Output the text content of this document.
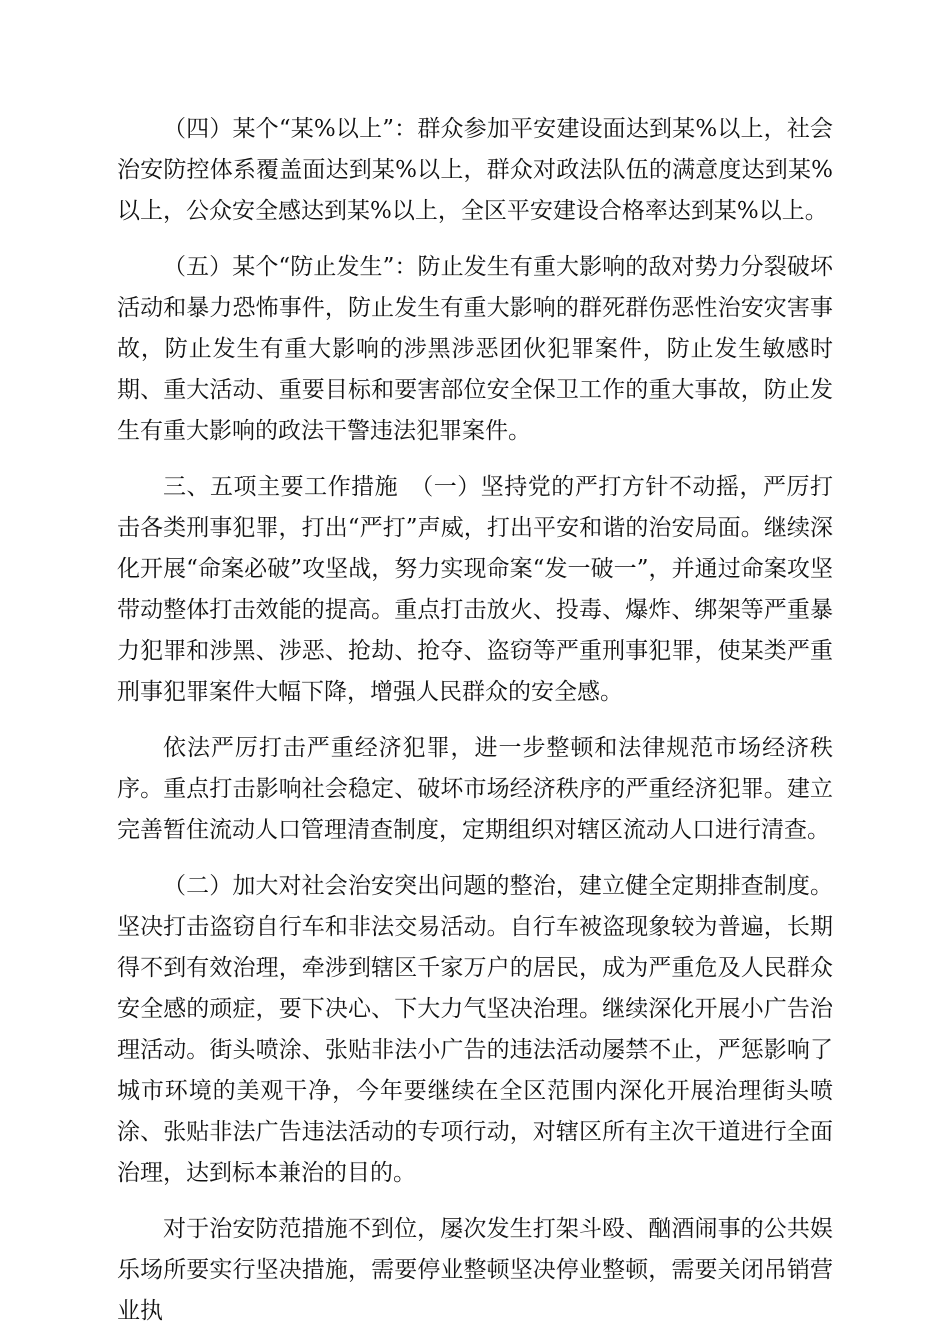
（四）某个“某%以上”：群众参加平安建设面达到某%以上，社会治安防控体系覆盖面达到某%以上，群众对政法队伍的满意度达到某%以上，公众安全感达到某%以上，全区平安建设合格率达到某%以上。

（五）某个“防止发生”：防止发生有重大影响的敌对势力分裂破坏活动和暴力恐怖事件，防止发生有重大影响的群死群伤恶性治安灾害事故，防止发生有重大影响的涉黑涉恶团伙犯罪案件，防止发生敏感时期、重大活动、重要目标和要害部位安全保卫工作的重大事故，防止发生有重大影响的政法干警违法犯罪案件。

三、五项主要工作措施　（一）坚持党的严打方针不动摇，严厉打击各类刑事犯罪，打出“严打”声威，打出平安和谐的治安局面。继续深化开展“命案必破”攻坚战，努力实现命案“发一破一”，并通过命案攻坚带动整体打击效能的提高。重点打击放火、投毒、爆炸、绑架等严重暴力犯罪和涉黑、涉恶、抢劫、抢夺、盗窃等严重刑事犯罪，使某类严重刑事犯罪案件大幅下降，增强人民群众的安全感。

依法严厉打击严重经济犯罪，进一步整顿和法律规范市场经济秩序。重点打击影响社会稳定、破坏市场经济秩序的严重经济犯罪。建立完善暂住流动人口管理清查制度，定期组织对辖区流动人口进行清查。

（二）加大对社会治安突出问题的整治，建立健全定期排查制度。坚决打击盗窃自行车和非法交易活动。自行车被盗现象较为普遍，长期得不到有效治理，牵涉到辖区千家万户的居民，成为严重危及人民群众安全感的顽症，要下决心、下大力气坚决治理。继续深化开展小广告治理活动。街头喷涂、张贴非法小广告的违法活动屡禁不止，严惩影响了城市环境的美观干净，今年要继续在全区范围内深化开展治理街头喷涂、张贴非法广告违法活动的专项行动，对辖区所有主次干道进行全面治理，达到标本兼治的目的。

对于治安防范措施不到位，屡次发生打架斗殴、酗酒闹事的公共娱乐场所要实行坚决措施，需要停业整顿坚决停业整顿，需要关闭吊销营业执
